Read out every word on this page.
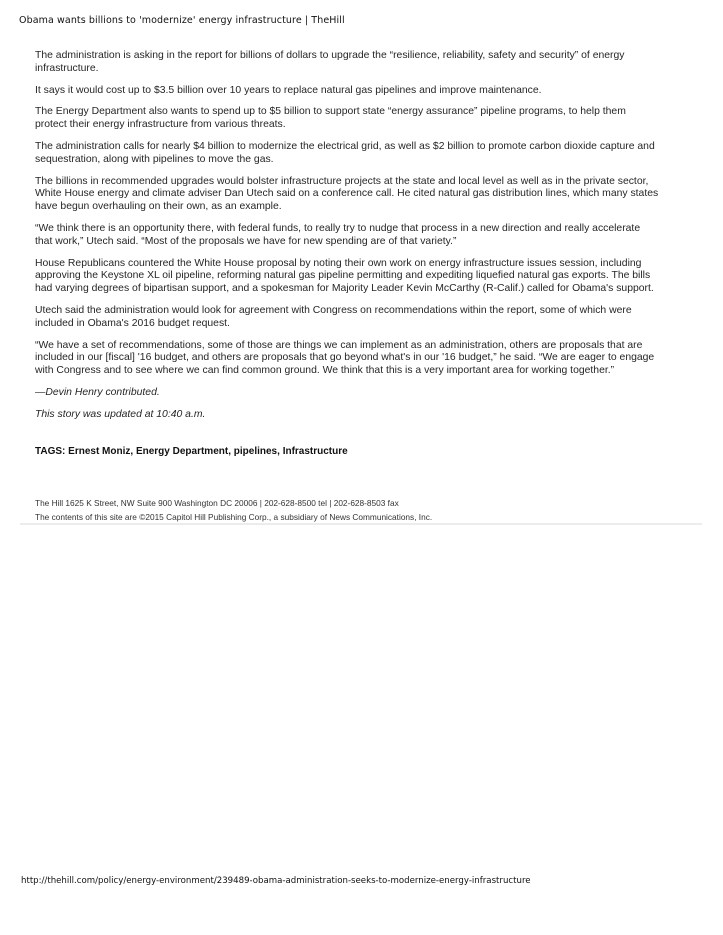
Obama wants billions to 'modernize' energy infrastructure | TheHill

The administration is asking in the report for billions of dollars to upgrade the “resilience, reliability, safety and security” of energy infrastructure.

It says it would cost up to $3.5 billion over 10 years to replace natural gas pipelines and improve maintenance.

The Energy Department also wants to spend up to $5 billion to support state “energy assurance” pipeline programs, to help them protect their energy infrastructure from various threats.

The administration calls for nearly $4 billion to modernize the electrical grid, as well as $2 billion to promote carbon dioxide capture and sequestration, along with pipelines to move the gas.

The billions in recommended upgrades would bolster infrastructure projects at the state and local level as well as in the private sector, White House energy and climate adviser Dan Utech said on a conference call. He cited natural gas distribution lines, which many states have begun overhauling on their own, as an example.

“We think there is an opportunity there, with federal funds, to really try to nudge that process in a new direction and really accelerate that work,” Utech said. “Most of the proposals we have for new spending are of that variety.”

House Republicans countered the White House proposal by noting their own work on energy infrastructure issues session, including approving the Keystone XL oil pipeline, reforming natural gas pipeline permitting and expediting liquefied natural gas exports. The bills had varying degrees of bipartisan support, and a spokesman for Majority Leader Kevin McCarthy (R-Calif.) called for Obama's support.

Utech said the administration would look for agreement with Congress on recommendations within the report, some of which were included in Obama's 2016 budget request.

“We have a set of recommendations, some of those are things we can implement as an administration, others are proposals that are included in our [fiscal] '16 budget, and others are proposals that go beyond what's in our '16 budget,” he said. “We are eager to engage with Congress and to see where we can find common ground. We think that this is a very important area for working together.”

—Devin Henry contributed.

This story was updated at 10:40 a.m.

TAGS: Ernest Moniz, Energy Department, pipelines, Infrastructure
The Hill 1625 K Street, NW Suite 900 Washington DC 20006 | 202-628-8500 tel | 202-628-8503 fax
The contents of this site are ©2015 Capitol Hill Publishing Corp., a subsidiary of News Communications, Inc.
http://thehill.com/policy/energy-environment/239489-obama-administration-seeks-to-modernize-energy-infrastructure
